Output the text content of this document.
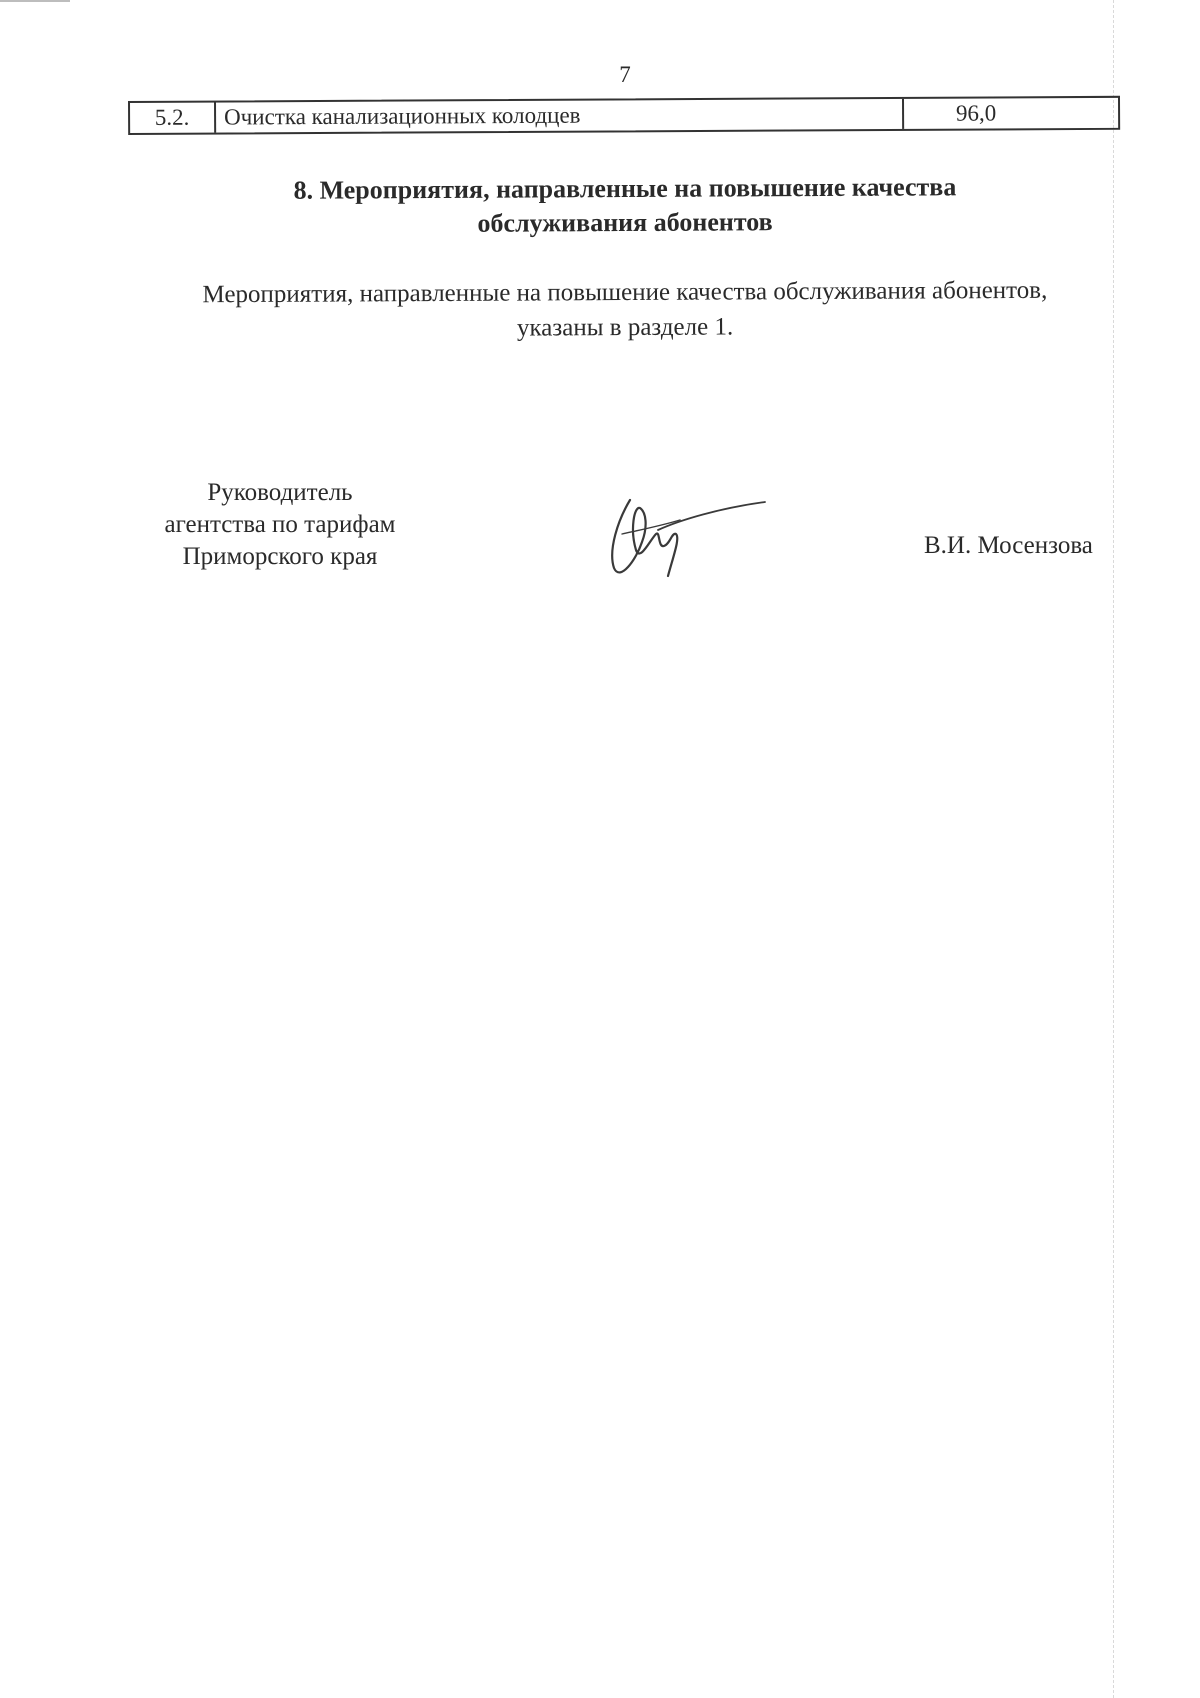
7
5.2.	Очистка канализационных колодцев	96,0
8. Мероприятия, направленные на повышение качества
обслуживания абонентов
Мероприятия, направленные на повышение качества обслуживания абонентов,
указаны в разделе 1.
Руководитель
агентства по тарифам
Приморского края	В.И. Мосензова
